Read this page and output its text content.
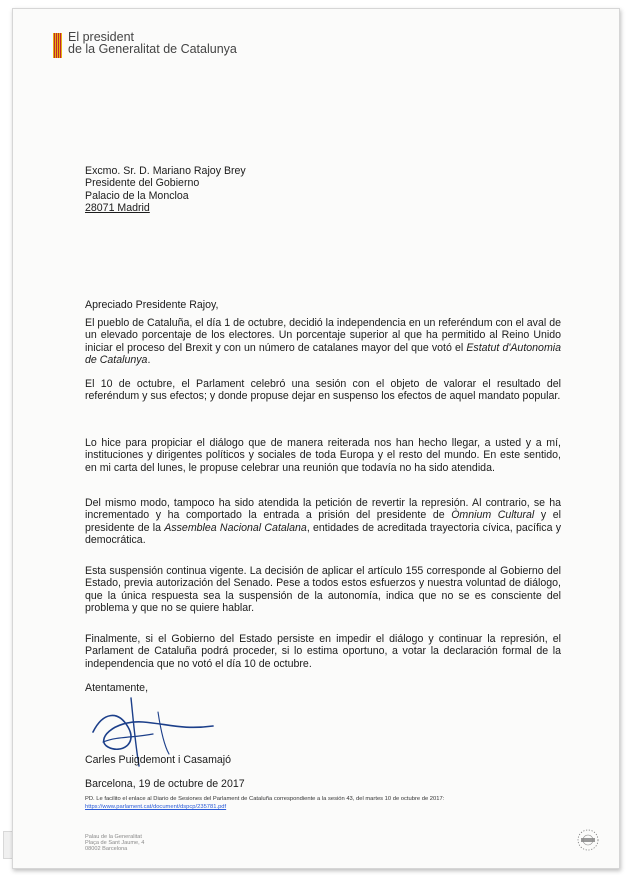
El president
de la Generalitat de Catalunya
Excmo. Sr. D. Mariano Rajoy Brey
Presidente del Gobierno
Palacio de la Moncloa
28071 Madrid
Apreciado Presidente Rajoy,

El pueblo de Cataluña, el día 1 de octubre, decidió la independencia en un referéndum con el aval de un elevado porcentaje de los electores. Un porcentaje superior al que ha permitido al Reino Unido iniciar el proceso del Brexit y con un número de catalanes mayor del que votó el Estatut d'Autonomia de Catalunya.

El 10 de octubre, el Parlament celebró una sesión con el objeto de valorar el resultado del referéndum y sus efectos; y donde propuse dejar en suspenso los efectos de aquel mandato popular.

Lo hice para propiciar el diálogo que de manera reiterada nos han hecho llegar, a usted y a mí, instituciones y dirigentes políticos y sociales de toda Europa y el resto del mundo. En este sentido, en mi carta del lunes, le propuse celebrar una reunión que todavía no ha sido atendida.

Del mismo modo, tampoco ha sido atendida la petición de revertir la represión. Al contrario, se ha incrementado y ha comportado la entrada a prisión del presidente de Òmnium Cultural y el presidente de la Assemblea Nacional Catalana, entidades de acreditada trayectoria cívica, pacífica y democrática.

Esta suspensión continua vigente. La decisión de aplicar el artículo 155 corresponde al Gobierno del Estado, previa autorización del Senado. Pese a todos estos esfuerzos y nuestra voluntad de diálogo, que la única respuesta sea la suspensión de la autonomía, indica que no se es consciente del problema y que no se quiere hablar.

Finalmente, si el Gobierno del Estado persiste en impedir el diálogo y continuar la represión, el Parlament de Cataluña podrá proceder, si lo estima oportuno, a votar la declaración formal de la independencia que no votó el día 10 de octubre.

Atentamente,
Carles Puigdemont i Casamajó
Barcelona, 19 de octubre de 2017
PD. Le facilito el enlace al Diario de Sesiones del Parlament de Cataluña correspondiente a la sesión 43, del martes 10 de octubre de 2017: https://www.parlament.cat/document/dspcp/235781.pdf
Palau de la Generalitat
Plaça de Sant Jaume, 4
08002 Barcelona
